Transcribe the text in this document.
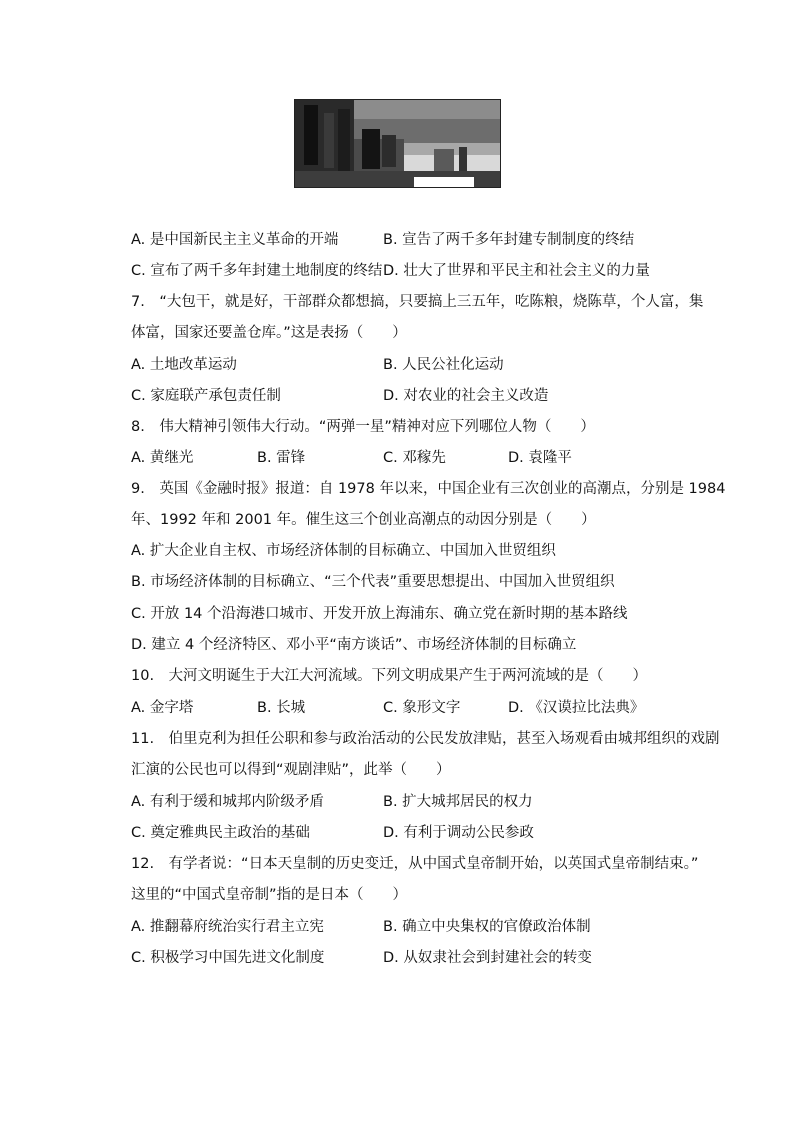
A. 是中国新民主主义革命的开端	B. 宣告了两千多年封建专制制度的终结
C. 宣布了两千多年封建土地制度的终结 D. 壮大了世界和平民主和社会主义的力量
7.　“大包干，就是好，干部群众都想搞，只要搞上三五年，吃陈粮，烧陈草，个人富，集
体富，国家还要盖仓库。”这是表扬（　　）
A. 土地改革运动	B. 人民公社化运动
C. 家庭联产承包责任制	D. 对农业的社会主义改造
8.　伟大精神引领伟大行动。“两弹一星”精神对应下列哪位人物（　　）
A. 黄继光	B. 雷锋	C. 邓稼先	D. 袁隆平
9.　英国《金融时报》报道：自 1978 年以来，中国企业有三次创业的高潮点，分别是 1984
年、1992 年和 2001 年。催生这三个创业高潮点的动因分别是（　　）
A. 扩大企业自主权、市场经济体制的目标确立、中国加入世贸组织
B. 市场经济体制的目标确立、“三个代表”重要思想提出、中国加入世贸组织
C. 开放 14 个沿海港口城市、开发开放上海浦东、确立党在新时期的基本路线
D. 建立 4 个经济特区、邓小平“南方谈话”、市场经济体制的目标确立
10.　大河文明诞生于大江大河流域。下列文明成果产生于两河流域的是（　　）
A. 金字塔	B. 长城	C. 象形文字	D. 《汉谟拉比法典》
11.　伯里克利为担任公职和参与政治活动的公民发放津贴，甚至入场观看由城邦组织的戏剧
汇演的公民也可以得到“观剧津贴”，此举（　　）
A. 有利于缓和城邦内阶级矛盾	B. 扩大城邦居民的权力
C. 奠定雅典民主政治的基础	D. 有利于调动公民参政
12.　有学者说：“日本天皇制的历史变迁，从中国式皇帝制开始，以英国式皇帝制结束。”
这里的“中国式皇帝制”指的是日本（　　）
A. 推翻幕府统治实行君主立宪	B. 确立中央集权的官僚政治体制
C. 积极学习中国先进文化制度	D. 从奴隶社会到封建社会的转变
